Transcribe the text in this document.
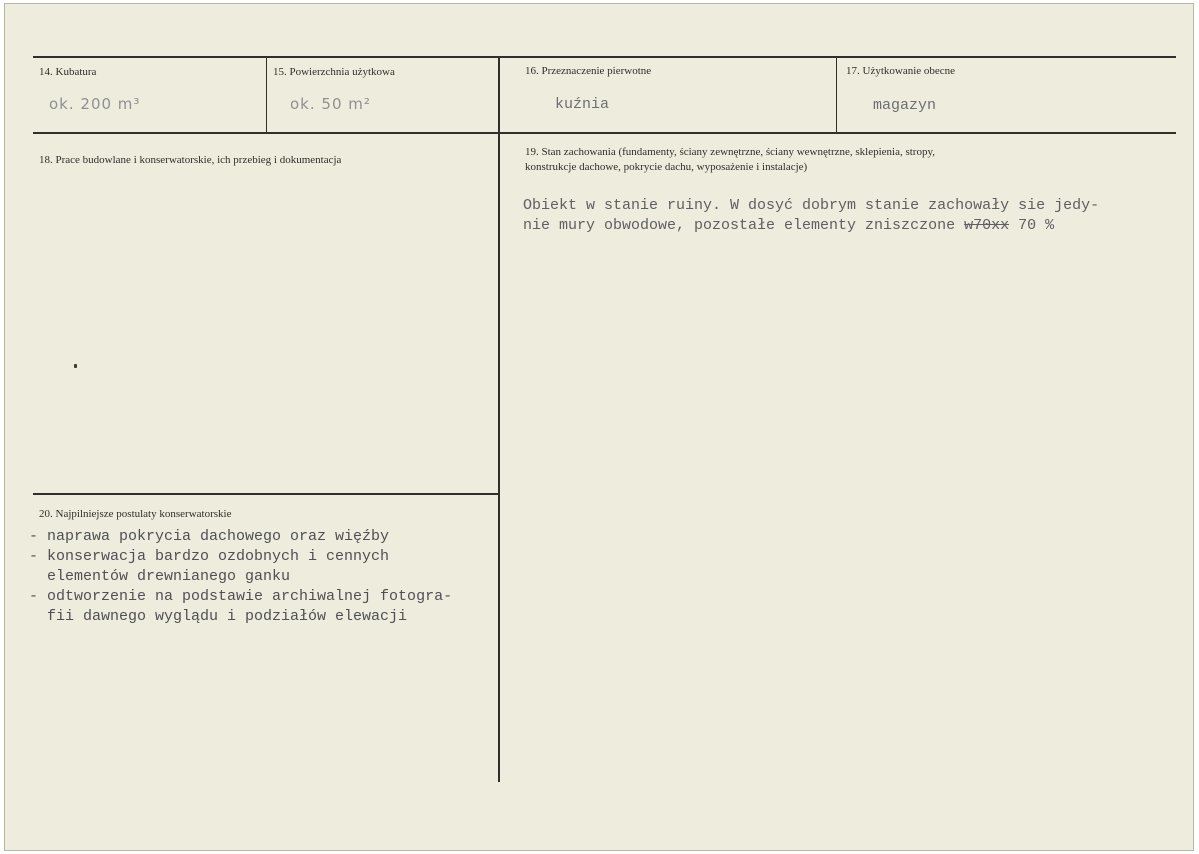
14. Kubatura
ok. 200 m³
15. Powierzchnia użytkowa
ok. 50 m²
16. Przeznaczenie pierwotne
kuźnia
17. Użytkowanie obecne
magazyn
18. Prace budowlane i konserwatorskie, ich przebieg i dokumentacja
19. Stan zachowania (fundamenty, ściany zewnętrzne, ściany wewnętrzne, sklepienia, stropy,
konstrukcje dachowe, pokrycie dachu, wyposażenie i instalacje)
Obiekt w stanie ruiny. W dosyć dobrym stanie zachowały sie jedy-
nie mury obwodowe, pozostałe elementy zniszczone w70xx 70 %
20. Najpilniejsze postulaty konserwatorskie
- naprawa pokrycia dachowego oraz więźby
- konserwacja bardzo ozdobnych i cennych
elementów drewnianego ganku
- odtworzenie na podstawie archiwalnej fotogra-
fii dawnego wyglądu i podziałów elewacji
